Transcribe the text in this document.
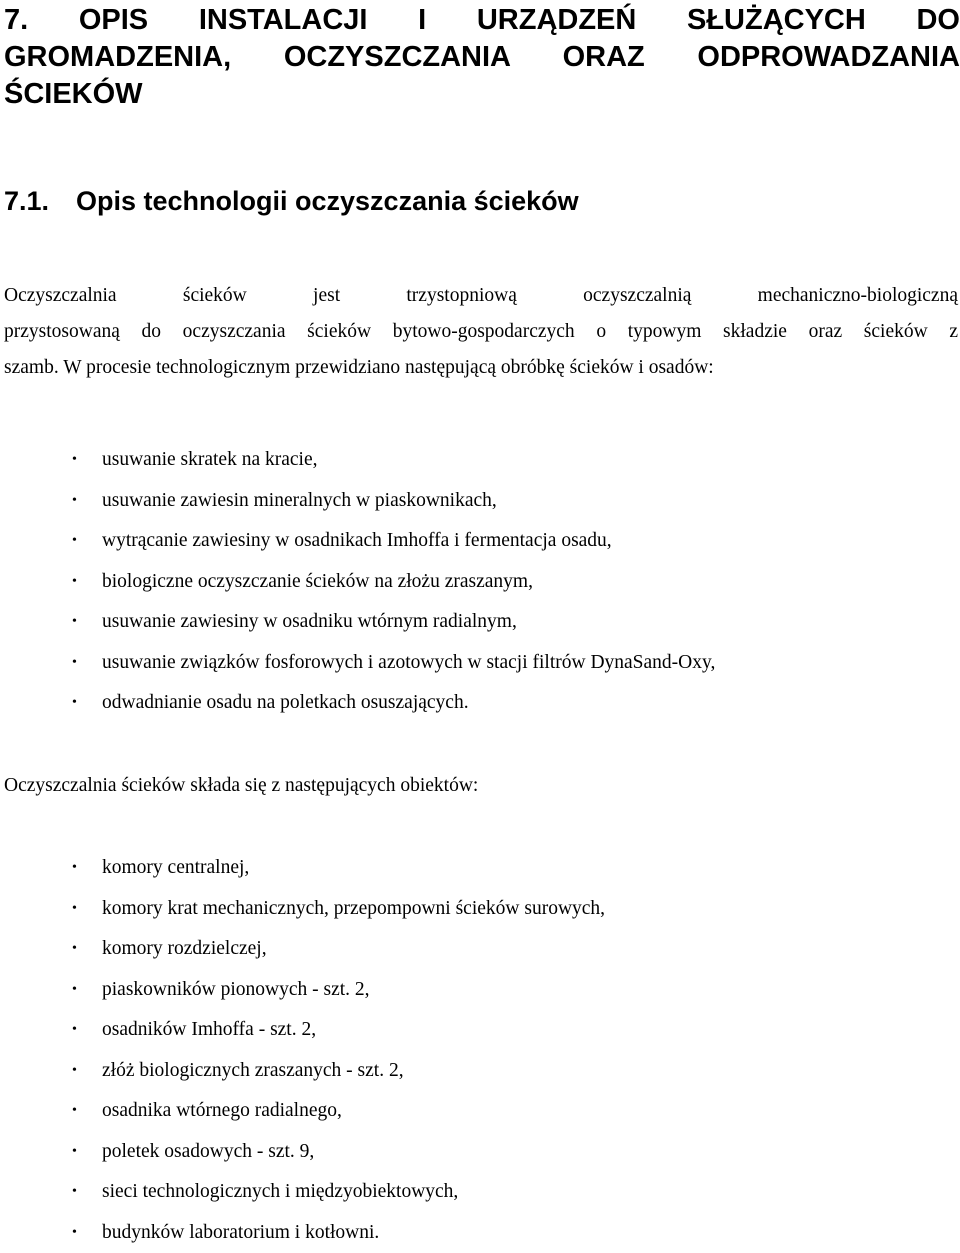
7. OPIS INSTALACJI I URZĄDZEŃ SŁUŻĄCYCH DO
GROMADZENIA, OCZYSZCZANIA ORAZ ODPROWADZANIA
ŚCIEKÓW
7.1. Opis technologii oczyszczania ścieków

Oczyszczalnia ścieków jest trzystopniową oczyszczalnią mechaniczno-biologiczną
przystosowaną do oczyszczania ścieków bytowo-gospodarczych o typowym składzie oraz ścieków z
szamb. W procesie technologicznym przewidziano następującą obróbkę ścieków i osadów:

• usuwanie skratek na kracie,
• usuwanie zawiesin mineralnych w piaskownikach,
• wytrącanie zawiesiny w osadnikach Imhoffa i fermentacja osadu,
• biologiczne oczyszczanie ścieków na złożu zraszanym,
• usuwanie zawiesiny w osadniku wtórnym radialnym,
• usuwanie związków fosforowych i azotowych w stacji filtrów DynaSand-Oxy,
• odwadnianie osadu na poletkach osuszających.

Oczyszczalnia ścieków składa się z następujących obiektów:

• komory centralnej,
• komory krat mechanicznych, przepompowni ścieków surowych,
• komory rozdzielczej,
• piaskowników pionowych - szt. 2,
• osadników Imhoffa - szt. 2,
• złóż biologicznych zraszanych - szt. 2,
• osadnika wtórnego radialnego,
• poletek osadowych - szt. 9,
• sieci technologicznych i międzyobiektowych,
• budynków laboratorium i kotłowni.
